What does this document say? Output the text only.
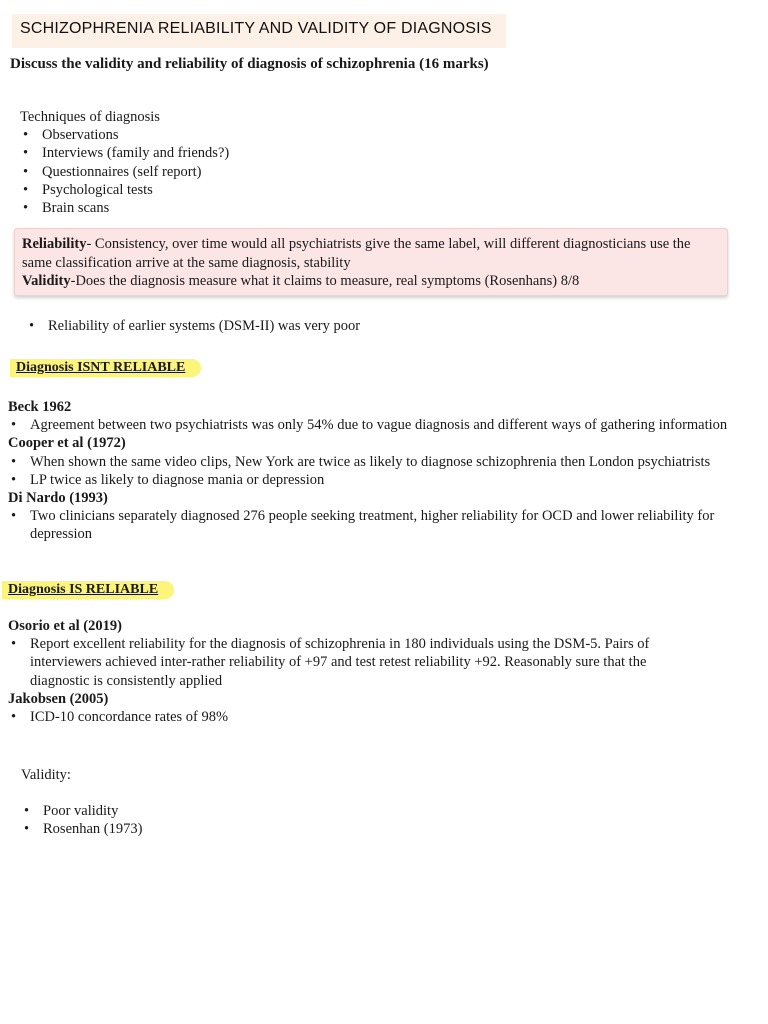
SCHIZOPHRENIA RELIABILITY AND VALIDITY OF DIAGNOSIS
Discuss the validity and reliability of diagnosis of schizophrenia (16 marks)
Techniques of diagnosis
• Observations
• Interviews (family and friends?)
• Questionnaires (self report)
• Psychological tests
• Brain scans
Reliability- Consistency, over time would all psychiatrists give the same label, will different diagnosticians use the same classification arrive at the same diagnosis, stability
Validity-Does the diagnosis measure what it claims to measure, real symptoms (Rosenhans) 8/8
• Reliability of earlier systems (DSM-II) was very poor
Diagnosis ISNT RELIABLE
Beck 1962
• Agreement between two psychiatrists was only 54% due to vague diagnosis and different ways of gathering information
Cooper et al (1972)
• When shown the same video clips, New York are twice as likely to diagnose schizophrenia then London psychiatrists
• LP twice as likely to diagnose mania or depression
Di Nardo (1993)
• Two clinicians separately diagnosed 276 people seeking treatment, higher reliability for OCD and lower reliability for depression
Diagnosis IS RELIABLE
Osorio et al (2019)
• Report excellent reliability for the diagnosis of schizophrenia in 180 individuals using the DSM-5. Pairs of interviewers achieved inter-rather reliability of +97 and test retest reliability +92. Reasonably sure that the diagnostic is consistently applied
Jakobsen (2005)
• ICD-10 concordance rates of 98%
Validity:
• Poor validity
• Rosenhan (1973)
